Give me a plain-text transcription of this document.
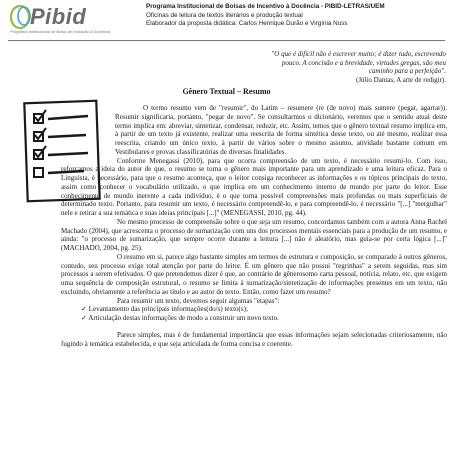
Pibid
Programa Institucional de Bolsa de Iniciação à Docência
Programa Institucional de Bolsas de Incentivo à Docência - PIBID-LETRAS/UEM
Oficinas de leitura de textos literários e produção textual
Elaborador da proposta didática: Carlos Henrique Durão e Virgínia Nuss
"O que é difícil não é escrever muito; é dizer tudo, escrevendo
pouco. A concisão e a brevidade, virtudes gregas, são meu
caminho para a perfeição".
(Júlio Dantas, A arte de redigir).
Gênero Textual – Resumo

O termo resumo vem de "resumir", do Latim – resumere (re (de novo) mais sumere (pegar, agarrar)). Resumir significaria, portanto, "pegar de novo". Se consultarmos o dicionário, veremos que o sentido atual deste termo implica em: abreviar, sintetizar, condensar, reduzir, etc. Assim, temos que o gênero textual resumo implica em, à partir de um texto já existente, realizar uma reescrita de forma sintética desse texto, ou até mesmo, realizar essa reescrita, criando um único texto, à partir de vários sobre o mesmo assunto, atividade bastante comum em Vestibulares e provas classificatórias de diversas finalidades.

Conforme Menegassi (2010), para que ocorra compreensão de um texto, é necessário resumi-lo. Com isso, reforçamos a ideia do autor de que, o resumo se torna o gênero mais importante para um aprendizado e uma leitura eficaz. Para o Linguista, é necessário, para que o resumo aconteça, que o leitor consiga reconhecer as informações e os tópicos principais do texto, assim como conhecer o vocabulário utilizado, o que implica em um conhecimento interno de mundo por parte do leitor. Esse conhecimento de mundo inerente a cada indivíduo, é o que torna possível compreensões mais profundas ou mais superficiais de determinado texto. Portanto, para resumir um texto, é necessário compreendê-lo, e para compreendê-lo, é necessário "[...] "mergulhar" nele e retirar a sua temática e suas ideias principais [...]" (MENEGASSI, 2010, pg. 44).

No mesmo processo de compreensão sobre o que seja um resumo, concordamos também com a autora Anna Rachel Machado (2004), que acrescenta o processo de sumarização com uns dos processos mentais essenciais para a produção de um resumo, e ainda: "o processo de sumarização, que sempre ocorre durante a leitura [...] não é aleatório, mas guia-se por certa lógica [...]" (MACHADO, 2004, pg. 25).

O resumo em si, parece algo bastante simples em termos de estrutura e composição, se comparado à outros gêneros, contudo, seu processo exige total atenção por parte do leitor. É um gênero que não possui "regrinhas" a serem seguidas, mas sim processos a serem efetivados. O que pretendemos dizer é que, ao contrário de gênerosomo carta pessoal, notícia, relato, etc. que exigem uma sequência de composição estrutural, o resumo se limita à sumarização/sintetização de informações presentes em um texto, não excluindo, obviamente a referência ao título e ao autor do texto. Então, como fazer um resumo?

Para resumir um texto, devemos seguir algumas "etapas":

✓ Levantamento das principais informações(do/s) texto(s);
✓ Articulação destas informações de modo a construir um novo texto.

Parece simples, mas é de fundamental importância que essas informações sejam selecionadas criteriosamente, não fugindo à temática estabelecida, e que seja articulada de forma concisa e coerente.
